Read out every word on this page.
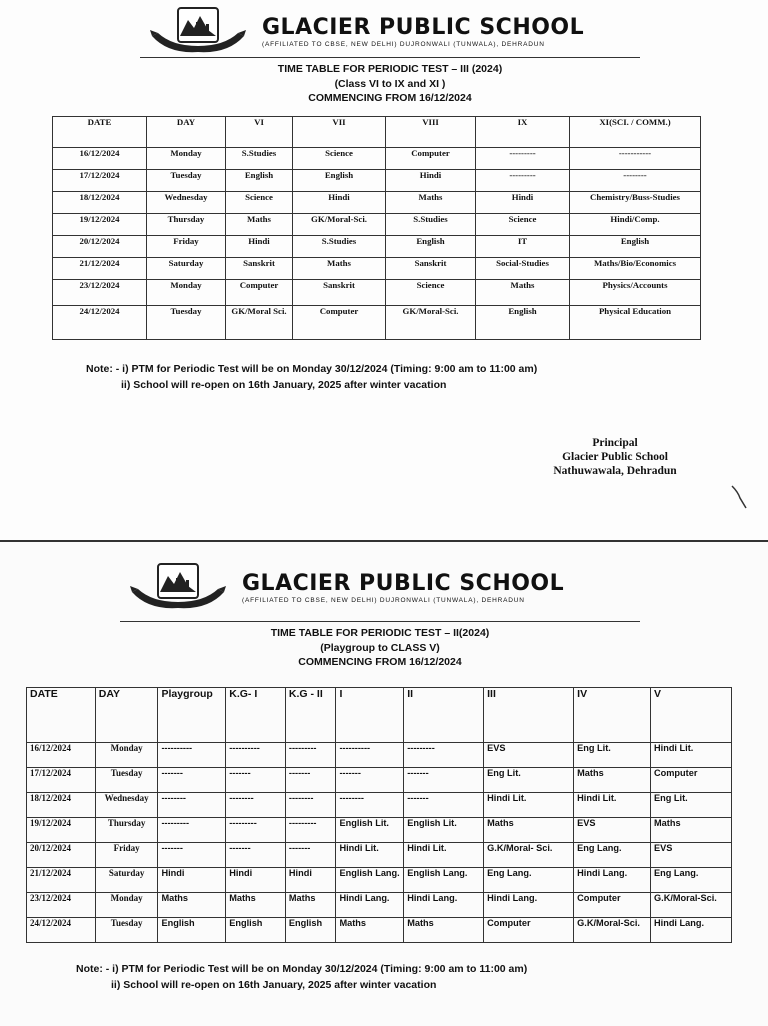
GLACIER PUBLIC SCHOOL
(AFFILIATED TO CBSE, NEW DELHI) DUJRONWALI (TUNWALA), DEHRADUN
TIME TABLE FOR PERIODIC TEST – III (2024)
(Class VI to IX and XI )
COMMENCING FROM 16/12/2024
DATE	DAY	VI	VII	VIII	IX	XI(SCI. / COMM.)
16/12/2024	Monday	S.Studies	Science	Computer	---------	-----------
17/12/2024	Tuesday	English	English	Hindi	---------	--------
18/12/2024	Wednesday	Science	Hindi	Maths	Hindi	Chemistry/Buss-Studies
19/12/2024	Thursday	Maths	GK/Moral-Sci.	S.Studies	Science	Hindi/Comp.
20/12/2024	Friday	Hindi	S.Studies	English	IT	English
21/12/2024	Saturday	Sanskrit	Maths	Sanskrit	Social-Studies	Maths/Bio/Economics
23/12/2024	Monday	Computer	Sanskrit	Science	Maths	Physics/Accounts
24/12/2024	Tuesday	GK/Moral Sci.	Computer	GK/Moral-Sci.	English	Physical Education
Note: - i) PTM for Periodic Test will be on Monday 30/12/2024 (Timing: 9:00 am to 11:00 am)
ii) School will re-open on 16th January, 2025 after winter vacation
Principal
Glacier Public School
Nathuwawala, Dehradun
GLACIER PUBLIC SCHOOL
(AFFILIATED TO CBSE, NEW DELHI) DUJRONWALI (TUNWALA), DEHRADUN
TIME TABLE FOR PERIODIC TEST – II(2024)
(Playgroup to CLASS V)
COMMENCING FROM 16/12/2024
DATE	DAY	Playgroup	K.G- I	K.G - II	I	II	III	IV	V
16/12/2024	Monday	----------	----------	---------	----------	---------	EVS	Eng Lit.	Hindi Lit.
17/12/2024	Tuesday	-------	-------	-------	-------	-------	Eng Lit.	Maths	Computer
18/12/2024	Wednesday	--------	--------	--------	--------	-------	Hindi Lit.	Hindi Lit.	Eng Lit.
19/12/2024	Thursday	---------	---------	---------	English Lit.	English Lit.	Maths	EVS	Maths
20/12/2024	Friday	-------	-------	-------	Hindi Lit.	Hindi Lit.	G.K/Moral- Sci.	Eng Lang.	EVS
21/12/2024	Saturday	Hindi	Hindi	Hindi	English Lang.	English Lang.	Eng Lang.	Hindi Lang.	Eng Lang.
23/12/2024	Monday	Maths	Maths	Maths	Hindi Lang.	Hindi Lang.	Hindi Lang.	Computer	G.K/Moral-Sci.
24/12/2024	Tuesday	English	English	English	Maths	Maths	Computer	G.K/Moral-Sci.	Hindi Lang.
Note: - i) PTM for Periodic Test will be on Monday 30/12/2024 (Timing: 9:00 am to 11:00 am)
ii) School will re-open on 16th January, 2025 after winter vacation
